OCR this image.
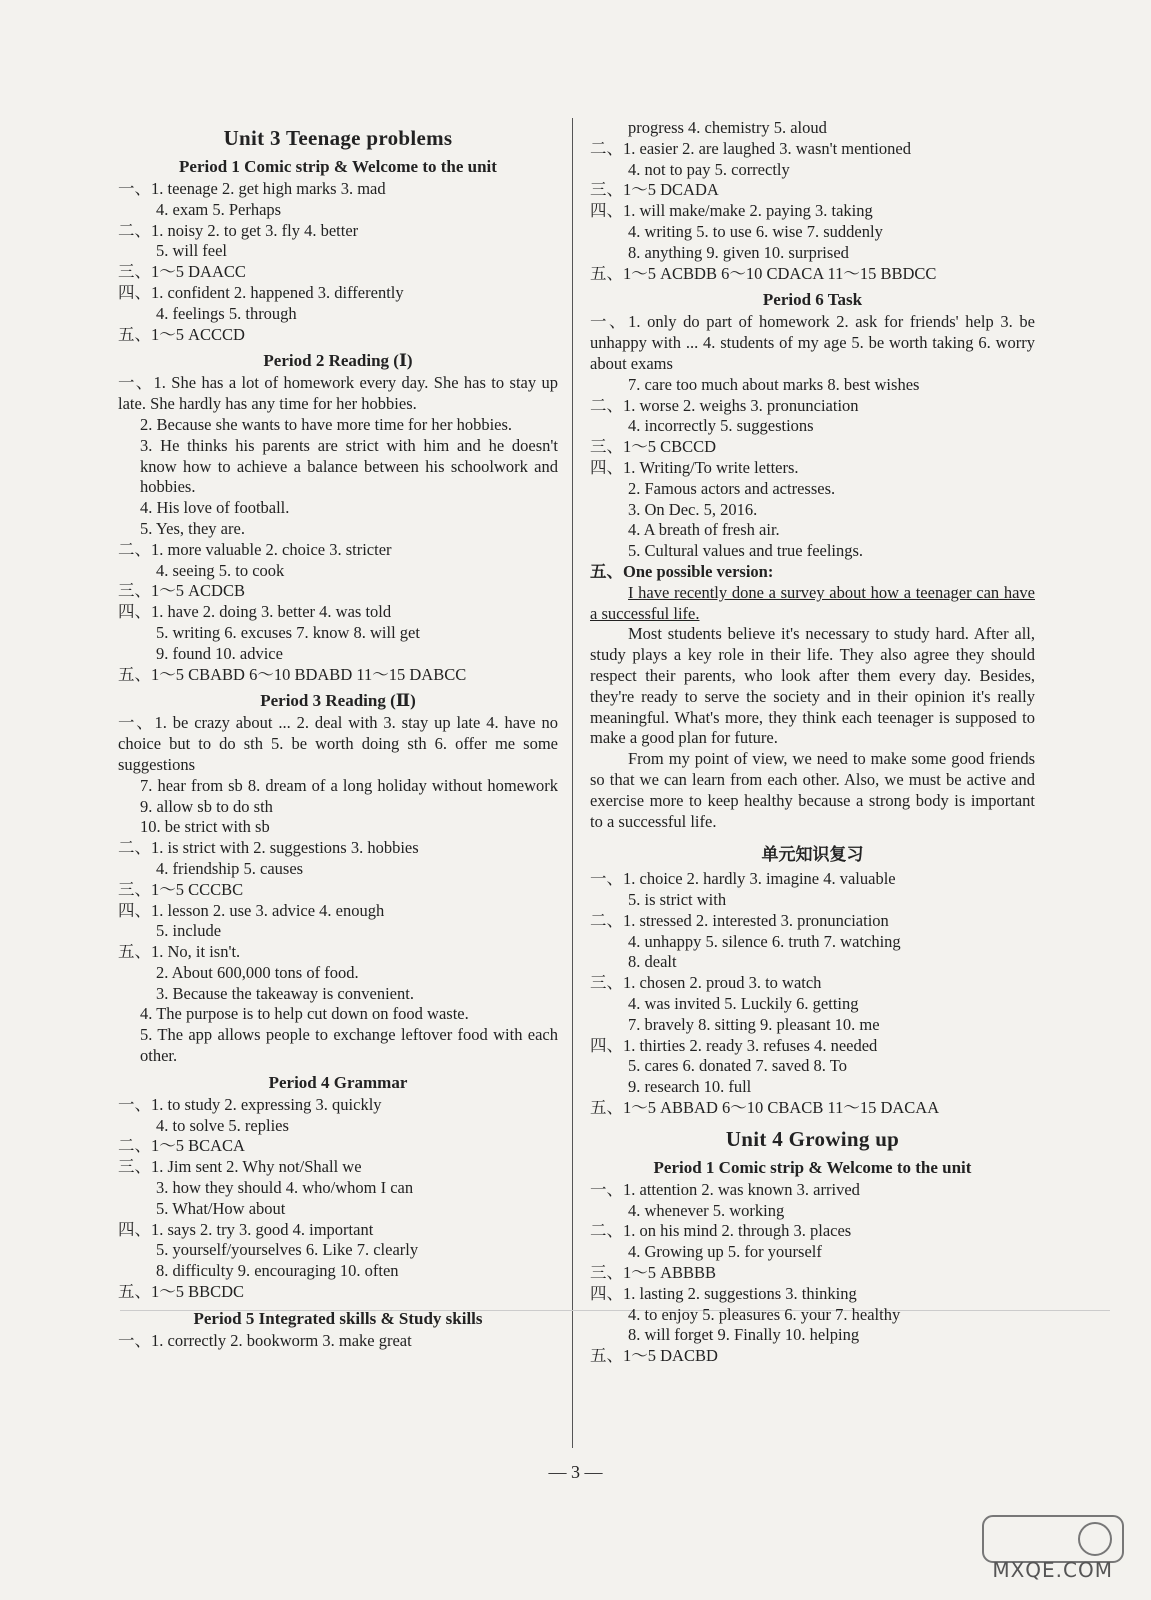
Unit 3 Teenage problems
Period 1 Comic strip & Welcome to the unit
一、1. teenage 2. get high marks 3. mad
4. exam 5. Perhaps
二、1. noisy 2. to get 3. fly 4. better
5. will feel
三、1～5 DAACC
四、1. confident 2. happened 3. differently
4. feelings 5. through
五、1～5 ACCCD
Period 2 Reading (Ⅰ)
一、1. She has a lot of homework every day. She has to stay up late. She hardly has any time for her hobbies.
2. Because she wants to have more time for her hobbies.
3. He thinks his parents are strict with him and he doesn't know how to achieve a balance between his schoolwork and hobbies.
4. His love of football.
5. Yes, they are.
二、1. more valuable 2. choice 3. stricter
4. seeing 5. to cook
三、1～5 ACDCB
四、1. have 2. doing 3. better 4. was told
5. writing 6. excuses 7. know 8. will get
9. found 10. advice
五、1～5 CBABD 6～10 BDABD 11～15 DABCC
Period 3 Reading (Ⅱ)
一、1. be crazy about ... 2. deal with 3. stay up late 4. have no choice but to do sth 5. be worth doing sth 6. offer me some suggestions
7. hear from sb 8. dream of a long holiday without homework 9. allow sb to do sth
10. be strict with sb
二、1. is strict with 2. suggestions 3. hobbies
4. friendship 5. causes
三、1～5 CCCBC
四、1. lesson 2. use 3. advice 4. enough
5. include
五、1. No, it isn't.
2. About 600,000 tons of food.
3. Because the takeaway is convenient.
4. The purpose is to help cut down on food waste.
5. The app allows people to exchange leftover food with each other.
Period 4 Grammar
一、1. to study 2. expressing 3. quickly
4. to solve 5. replies
二、1～5 BCACA
三、1. Jim sent 2. Why not/Shall we
3. how they should 4. who/whom I can
5. What/How about
四、1. says 2. try 3. good 4. important
5. yourself/yourselves 6. Like 7. clearly
8. difficulty 9. encouraging 10. often
五、1～5 BBCDC
Period 5 Integrated skills & Study skills
一、1. correctly 2. bookworm 3. make great
progress 4. chemistry 5. aloud
二、1. easier 2. are laughed 3. wasn't mentioned
4. not to pay 5. correctly
三、1～5 DCADA
四、1. will make/make 2. paying 3. taking
4. writing 5. to use 6. wise 7. suddenly
8. anything 9. given 10. surprised
五、1～5 ACBDB 6～10 CDACA 11～15 BBDCC
Period 6 Task
一、1. only do part of homework 2. ask for friends' help 3. be unhappy with ... 4. students of my age 5. be worth taking 6. worry about exams
7. care too much about marks 8. best wishes
二、1. worse 2. weighs 3. pronunciation
4. incorrectly 5. suggestions
三、1～5 CBCCD
四、1. Writing/To write letters.
2. Famous actors and actresses.
3. On Dec. 5, 2016.
4. A breath of fresh air.
5. Cultural values and true feelings.
五、One possible version:
I have recently done a survey about how a teenager can have a successful life.
Most students believe it's necessary to study hard. After all, study plays a key role in their life. They also agree they should respect their parents, who look after them every day. Besides, they're ready to serve the society and in their opinion it's really meaningful. What's more, they think each teenager is supposed to make a good plan for future.
From my point of view, we need to make some good friends so that we can learn from each other. Also, we must be active and exercise more to keep healthy because a strong body is important to a successful life.
单元知识复习
一、1. choice 2. hardly 3. imagine 4. valuable
5. is strict with
二、1. stressed 2. interested 3. pronunciation
4. unhappy 5. silence 6. truth 7. watching
8. dealt
三、1. chosen 2. proud 3. to watch
4. was invited 5. Luckily 6. getting
7. bravely 8. sitting 9. pleasant 10. me
四、1. thirties 2. ready 3. refuses 4. needed
5. cares 6. donated 7. saved 8. To
9. research 10. full
五、1～5 ABBAD 6～10 CBACB 11～15 DACAA
Unit 4 Growing up
Period 1 Comic strip & Welcome to the unit
一、1. attention 2. was known 3. arrived
4. whenever 5. working
二、1. on his mind 2. through 3. places
4. Growing up 5. for yourself
三、1～5 ABBBB
四、1. lasting 2. suggestions 3. thinking
4. to enjoy 5. pleasures 6. your 7. healthy
8. will forget 9. Finally 10. helping
五、1～5 DACBD
— 3 —
MXQE.COM
